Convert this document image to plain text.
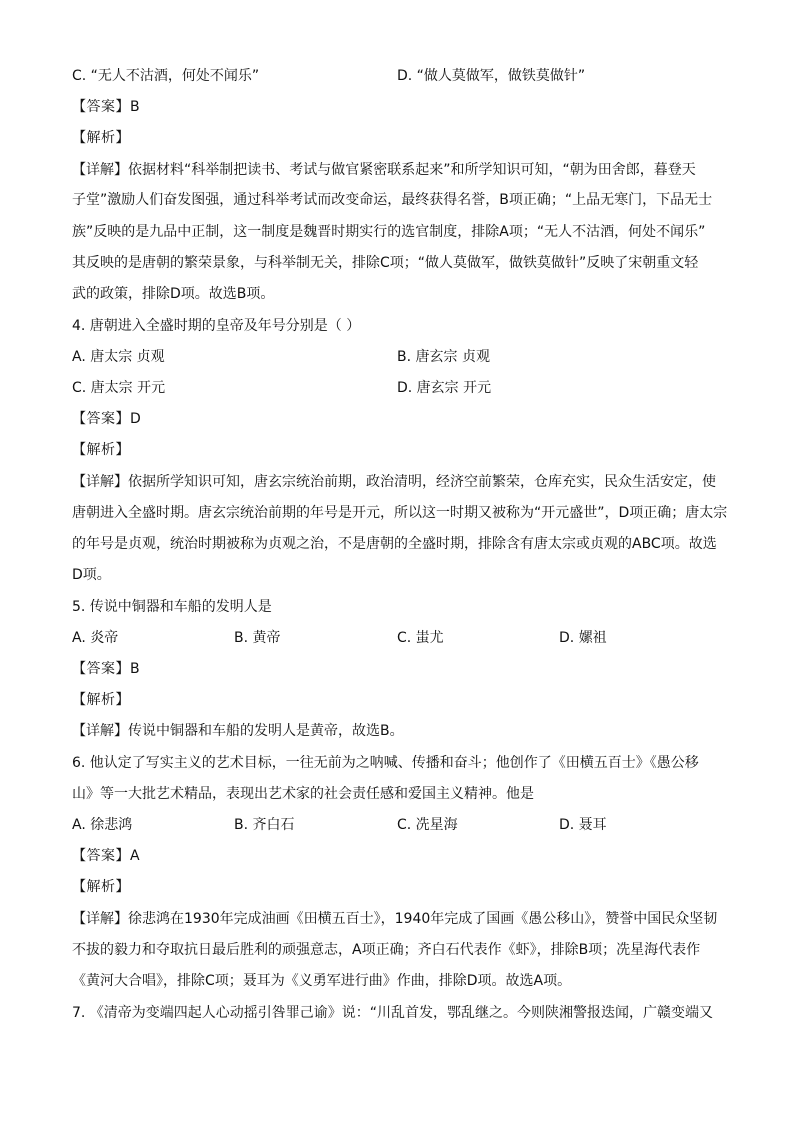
C. “无人不沽酒，何处不闻乐”	D. “做人莫做军，做铁莫做针”
【答案】B
【解析】
【详解】依据材料“科举制把读书、考试与做官紧密联系起来”和所学知识可知，“朝为田舍郎，暮登天
子堂”激励人们奋发图强，通过科举考试而改变命运，最终获得名誉，B项正确；“上品无寒门，下品无士
族”反映的是九品中正制，这一制度是魏晋时期实行的选官制度，排除A项；“无人不沽酒，何处不闻乐”
其反映的是唐朝的繁荣景象，与科举制无关，排除C项；“做人莫做军，做铁莫做针”反映了宋朝重文轻
武的政策，排除D项。故选B项。
4. 唐朝进入全盛时期的皇帝及年号分别是（ ）
A. 唐太宗 贞观	B. 唐玄宗 贞观
C. 唐太宗 开元	D. 唐玄宗 开元
【答案】D
【解析】
【详解】依据所学知识可知，唐玄宗统治前期，政治清明，经济空前繁荣，仓库充实，民众生活安定，使
唐朝进入全盛时期。唐玄宗统治前期的年号是开元，所以这一时期又被称为“开元盛世”，D项正确；唐太宗
的年号是贞观，统治时期被称为贞观之治，不是唐朝的全盛时期，排除含有唐太宗或贞观的ABC项。故选
D项。
5. 传说中铜器和车船的发明人是
A. 炎帝	B. 黄帝	C. 蚩尤	D. 嫘祖
【答案】B
【解析】
【详解】传说中铜器和车船的发明人是黄帝，故选B。
6. 他认定了写实主义的艺术目标，一往无前为之呐喊、传播和奋斗；他创作了《田横五百士》《愚公移
山》等一大批艺术精品，表现出艺术家的社会责任感和爱国主义精神。他是
A. 徐悲鸿	B. 齐白石	C. 冼星海	D. 聂耳
【答案】A
【解析】
【详解】徐悲鸿在1930年完成油画《田横五百士》，1940年完成了国画《愚公移山》，赞誉中国民众坚韧
不拔的毅力和夺取抗日最后胜利的顽强意志，A项正确；齐白石代表作《虾》，排除B项；冼星海代表作
《黄河大合唱》，排除C项；聂耳为《义勇军进行曲》作曲，排除D项。故选A项。
7. 《清帝为变端四起人心动摇引咎罪己谕》说：“川乱首发，鄂乱继之。今则陕湘警报迭闻，广赣变端又
